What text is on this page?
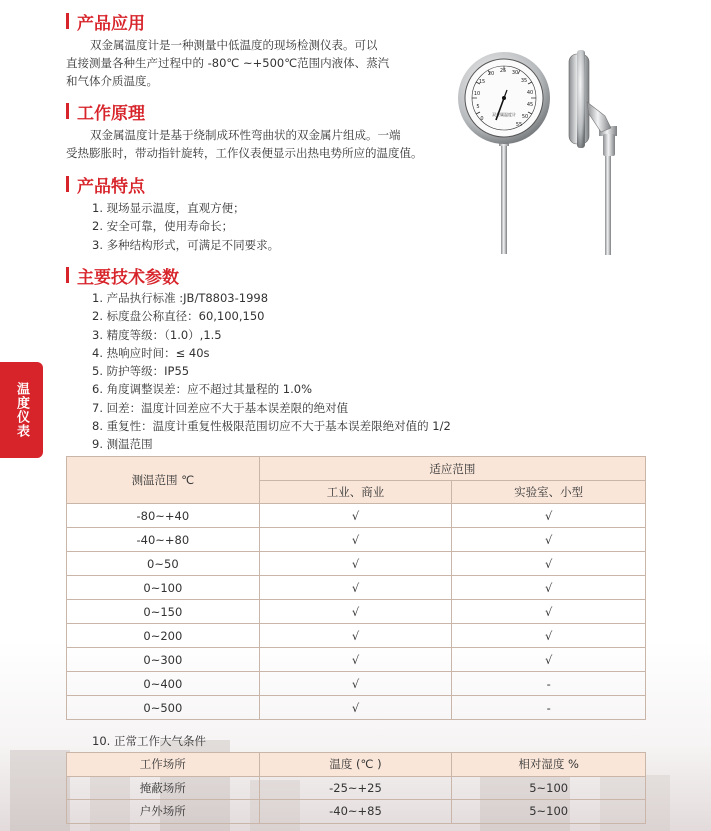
温度仪表
产品应用
双金属温度计是一种测量中低温度的现场检测仪表。可以
直接测量各种生产过程中的 -80℃ ~+500℃范围内液体、蒸汽
和气体介质温度。
工作原理
双金属温度计是基于绕制成环性弯曲状的双金属片组成。一端
受热膨胀时，带动指针旋转，工作仪表便显示出热电势所应的温度值。
产品特点
1. 现场显示温度，直观方便；
2. 安全可靠，使用寿命长；
3. 多种结构形式，可满足不同要求。
主要技术参数
1. 产品执行标准 :JB/T8803-1998
2. 标度盘公称直径：60,100,150
3. 精度等级：（1.0）,1.5
4. 热响应时间：≤ 40s
5. 防护等级：IP55
6. 角度调整误差：应不超过其量程的 1.0%
7. 回差：温度计回差应不大于基本误差限的绝对值
8. 重复性：温度计重复性极限范围切应不大于基本误差限绝对值的 1/2
9. 测温范围
0
5
10
15
20 25 30
35
40
45
50
55
双金属温度计
测温范围 ℃	适应范围	
	工业、商业	实验室、小型
-80~+40	√	√
-40~+80	√	√
0~50	√	√
0~100	√	√
0~150	√	√
0~200	√	√
0~300	√	√
0~400	√	-
0~500	√	-
10. 正常工作大气条件
工作场所	温度 (℃ )	相对湿度 %
掩蔽场所	-25~+25	5~100
户外场所	-40~+85	5~100
